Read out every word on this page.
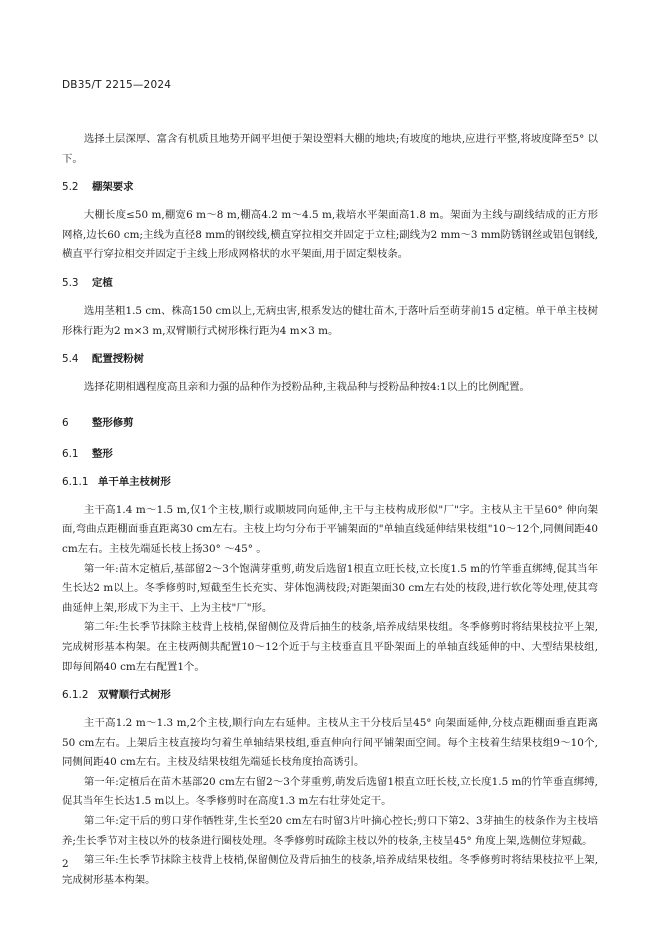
DB35/T 2215—2024

选择土层深厚、富含有机质且地势开阔平坦便于架设塑料大棚的地块;有坡度的地块,应进行平整,将坡度降至5° 以下。

5.2 棚架要求

大棚长度≤50 m,棚宽6 m～8 m,棚高4.2 m～4.5 m,栽培水平架面高1.8 m。架面为主线与副线结成的正方形网格,边长60 cm;主线为直径8 mm的钢绞线,横直穿拉相交并固定于立柱;副线为2 mm～3 mm防锈钢丝或铝包钢线,横直平行穿拉相交并固定于主线上形成网格状的水平架面,用于固定梨枝条。

5.3 定植

选用茎粗1.5 cm、株高150 cm以上,无病虫害,根系发达的健壮苗木,于落叶后至萌芽前15 d定植。单干单主枝树形株行距为2 m×3 m,双臂顺行式树形株行距为4 m×3 m。

5.4 配置授粉树

选择花期相遇程度高且亲和力强的品种作为授粉品种,主栽品种与授粉品种按4:1以上的比例配置。

6 整形修剪
6.1 整形
6.1.1 单干单主枝树形

主干高1.4 m～1.5 m,仅1个主枝,顺行或顺坡同向延伸,主干与主枝构成形似"厂"字。主枝从主干呈60° 伸向架面,弯曲点距棚面垂直距离30 cm左右。主枝上均匀分布于平铺架面的"单轴直线延伸结果枝组"10～12个,同侧间距40 cm左右。主枝先端延长枝上扬30° ～45° 。

第一年:苗木定植后,基部留2～3个饱满芽重剪,萌发后选留1根直立旺长枝,立长度1.5 m的竹竿垂直绑缚,促其当年生长达2 m以上。冬季修剪时,短截至生长充实、芽体饱满枝段;对距架面30 cm左右处的枝段,进行软化等处理,使其弯曲延伸上架,形成下为主干、上为主枝"厂"形。

第二年:生长季节抹除主枝背上枝梢,保留侧位及背后抽生的枝条,培养成结果枝组。冬季修剪时将结果枝拉平上架,完成树形基本构架。在主枝两侧共配置10～12个近于与主枝垂直且平卧架面上的单轴直线延伸的中、大型结果枝组,即每间隔40 cm左右配置1个。

6.1.2 双臂顺行式树形

主干高1.2 m～1.3 m,2个主枝,顺行向左右延伸。主枝从主干分枝后呈45° 向架面延伸,分枝点距棚面垂直距离50 cm左右。上架后主枝直接均匀着生单轴结果枝组,垂直伸向行间平铺架面空间。每个主枝着生结果枝组9～10个,同侧间距40 cm左右。主枝及结果枝组先端延长枝角度抬高诱引。

第一年:定植后在苗木基部20 cm左右留2～3个芽重剪,萌发后选留1根直立旺长枝,立长度1.5 m的竹竿垂直绑缚,促其当年生长达1.5 m以上。冬季修剪时在高度1.3 m左右壮芽处定干。

第二年:定干后的剪口芽作牺牲芽,生长至20 cm左右时留3片叶摘心控长;剪口下第2、3芽抽生的枝条作为主枝培养;生长季节对主枝以外的枝条进行圈枝处理。冬季修剪时疏除主枝以外的枝条,主枝呈45° 角度上架,选侧位芽短截。

第三年:生长季节抹除主枝背上枝梢,保留侧位及背后抽生的枝条,培养成结果枝组。冬季修剪时将结果枝拉平上架,完成树形基本构架。

2
